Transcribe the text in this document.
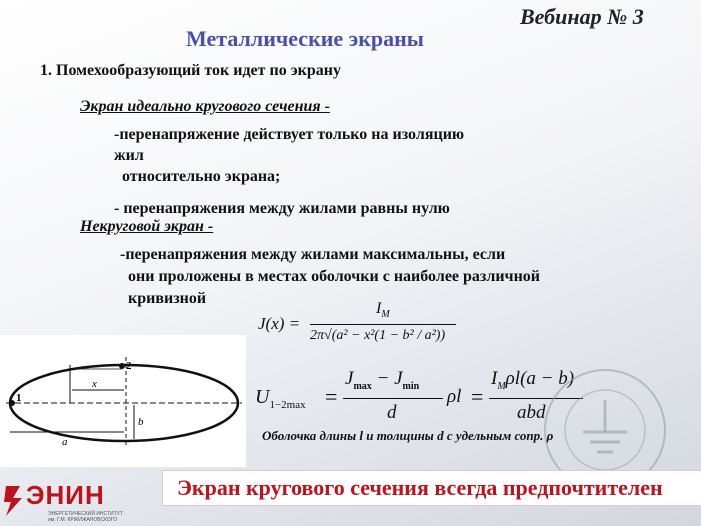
Вебинар № 3
Металлические экраны
1. Помехообразующий ток идет по экрану
Экран идеально кругового сечения -
-перенапряжение действует только на изоляцию
жил
относительно экрана;
- перенапряжения между жилами равны нулю
Некруговой экран -
-перенапряжения между жилами максимальны, если
они проложены в местах оболочки с наиболее различной
кривизной
J(x) =
$I_M$
2π√(a² − x²(1 − b² / a²))
1
2
x
b
a
$U_{1-2max}$ =
$J_{max} - J_{min}$
d
ρl =
$I_M\rho l(a - b)$
abd
Оболочка длины l и толщины d с удельным сопр. ρ
Экран кругового сечения всегда предпочтителен
ЭНИН
ЭНЕРГЕТИЧЕСКИЙ ИНСТИТУТ
им. Г.М. КРЖИЖАНОВСКОГО
